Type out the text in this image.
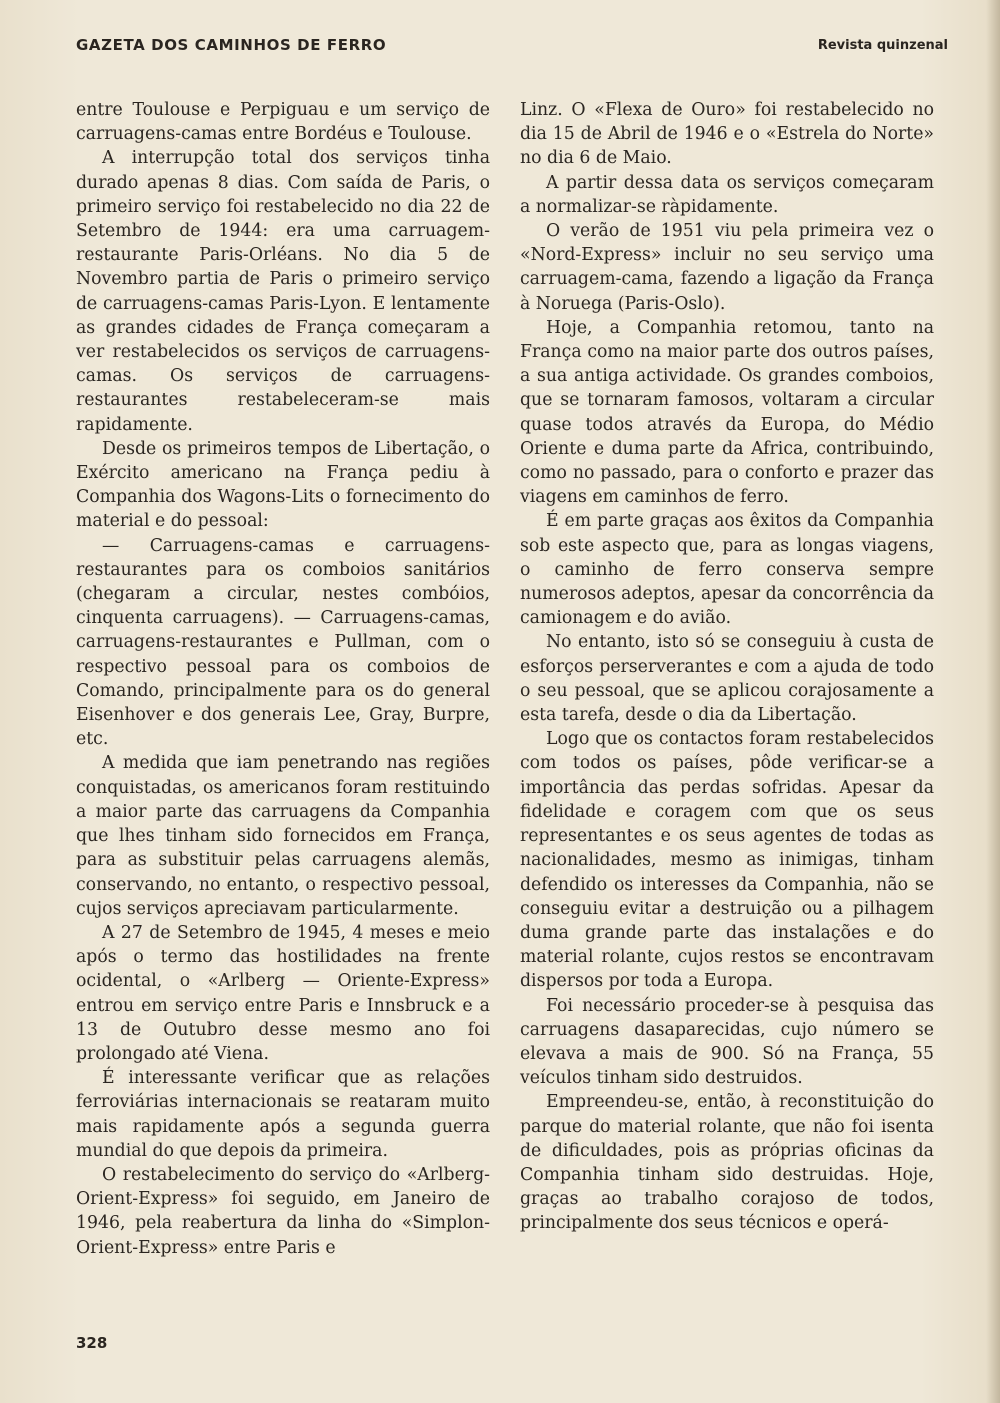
GAZETA DOS CAMINHOS DE FERRO	Revista quinzenal

entre Toulouse e Perpiguau e um serviço de carruagens-camas entre Bordéus e Toulouse.

A interrupção total dos serviços tinha durado apenas 8 dias. Com saída de Paris, o primeiro serviço foi restabelecido no dia 22 de Setembro de 1944: era uma carruagem-restaurante Paris-Orléans. No dia 5 de Novembro partia de Paris o primeiro serviço de carruagens-camas Paris-Lyon. E lentamente as grandes cidades de França começaram a ver restabelecidos os serviços de carruagens-camas. Os serviços de carruagens-restaurantes restabeleceram-se mais rapidamente.

Desde os primeiros tempos de Libertação, o Exército americano na França pediu à Companhia dos Wagons-Lits o fornecimento do material e do pessoal:

— Carruagens-camas e carruagens-restaurantes para os comboios sanitários (chegaram a circular, nestes combóios, cinquenta carruagens). — Carruagens-camas, carruagens-restaurantes e Pullman, com o respectivo pessoal para os comboios de Comando, principalmente para os do general Eisenhover e dos generais Lee, Gray, Burpre, etc.

A medida que iam penetrando nas regiões conquistadas, os americanos foram restituindo a maior parte das carruagens da Companhia que lhes tinham sido fornecidos em França, para as substituir pelas carruagens alemãs, conservando, no entanto, o respectivo pessoal, cujos serviços apreciavam particularmente.

A 27 de Setembro de 1945, 4 meses e meio após o termo das hostilidades na frente ocidental, o «Arlberg — Oriente-Express» entrou em serviço entre Paris e Innsbruck e a 13 de Outubro desse mesmo ano foi prolongado até Viena.

É interessante verificar que as relações ferroviárias internacionais se reataram muito mais rapidamente após a segunda guerra mundial do que depois da primeira.

O restabelecimento do serviço do «Arlberg-Orient-Express» foi seguido, em Janeiro de 1946, pela reabertura da linha do «Simplon-Orient-Express» entre Paris e

Linz. O «Flexa de Ouro» foi restabelecido no dia 15 de Abril de 1946 e o «Estrela do Norte» no dia 6 de Maio.

A partir dessa data os serviços começaram a normalizar-se ràpidamente.

O verão de 1951 viu pela primeira vez o «Nord-Express» incluir no seu serviço uma carruagem-cama, fazendo a ligação da França à Noruega (Paris-Oslo).

Hoje, a Companhia retomou, tanto na França como na maior parte dos outros países, a sua antiga actividade. Os grandes comboios, que se tornaram famosos, voltaram a circular quase todos através da Europa, do Médio Oriente e duma parte da Africa, contribuindo, como no passado, para o conforto e prazer das viagens em caminhos de ferro.

É em parte graças aos êxitos da Companhia sob este aspecto que, para as longas viagens, o caminho de ferro conserva sempre numerosos adeptos, apesar da concorrência da camionagem e do avião.

No entanto, isto só se conseguiu à custa de esforços perserverantes e com a ajuda de todo o seu pessoal, que se aplicou corajosamente a esta tarefa, desde o dia da Libertação.

Logo que os contactos foram restabelecidos com todos os países, pôde verificar-se a importância das perdas sofridas. Apesar da fidelidade e coragem com que os seus representantes e os seus agentes de todas as nacionalidades, mesmo as inimigas, tinham defendido os interesses da Companhia, não se conseguiu evitar a destruição ou a pilhagem duma grande parte das instalações e do material rolante, cujos restos se encontravam dispersos por toda a Europa.

Foi necessário proceder-se à pesquisa das carruagens dasaparecidas, cujo número se elevava a mais de 900. Só na França, 55 veículos tinham sido destruidos.

Empreendeu-se, então, à reconstituição do parque do material rolante, que não foi isenta de dificuldades, pois as próprias oficinas da Companhia tinham sido destruidas. Hoje, graças ao trabalho corajoso de todos, principalmente dos seus técnicos e operá-

328
